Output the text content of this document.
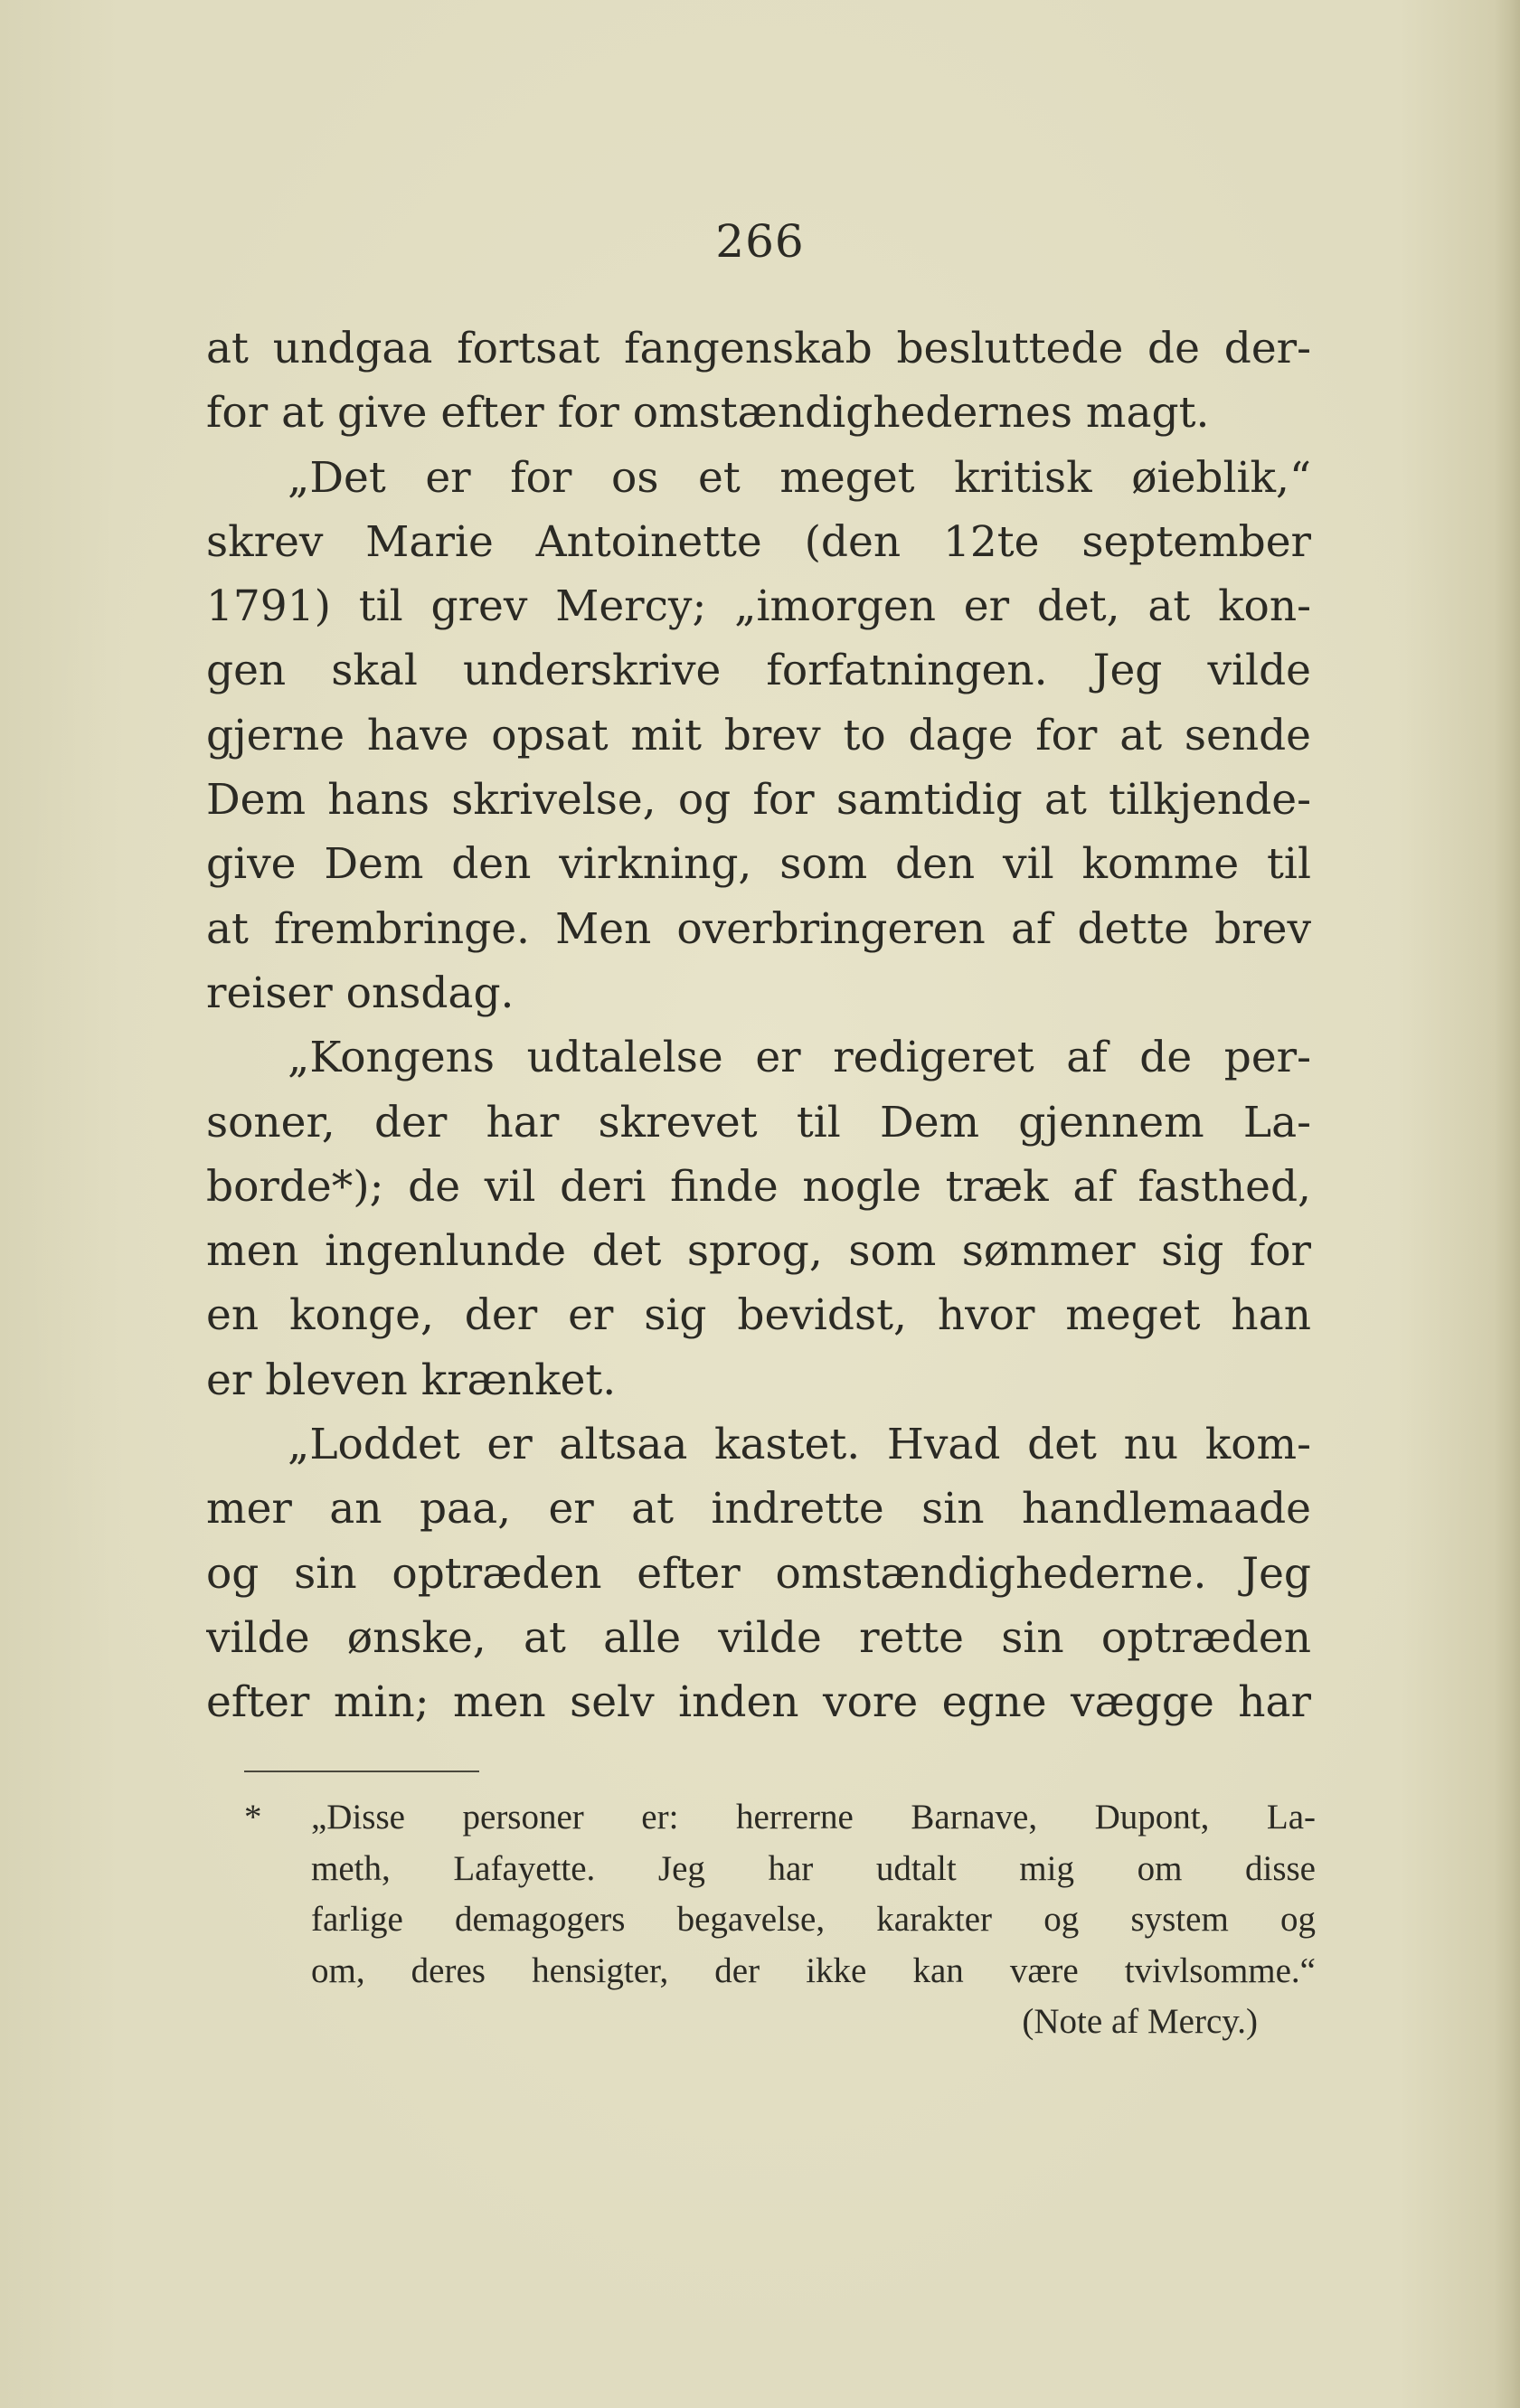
266
at undgaa fortsat fangenskab besluttede de der-
for at give efter for omstændighedernes magt.
„Det er for os et meget kritisk øieblik,“
skrev Marie Antoinette (den 12te september
1791) til grev Mercy; „imorgen er det, at kon-
gen skal underskrive forfatningen. Jeg vilde
gjerne have opsat mit brev to dage for at sende
Dem hans skrivelse, og for samtidig at tilkjende-
give Dem den virkning, som den vil komme til
at frembringe. Men overbringeren af dette brev
reiser onsdag.
„Kongens udtalelse er redigeret af de per-
soner, der har skrevet til Dem gjennem La-
borde*); de vil deri finde nogle træk af fasthed,
men ingenlunde det sprog, som sømmer sig for
en konge, der er sig bevidst, hvor meget han
er bleven krænket.
„Loddet er altsaa kastet. Hvad det nu kom-
mer an paa, er at indrette sin handlemaade
og sin optræden efter omstændighederne. Jeg
vilde ønske, at alle vilde rette sin optræden
efter min; men selv inden vore egne vægge har
* „Disse personer er: herrerne Barnave, Dupont, La-
meth, Lafayette. Jeg har udtalt mig om disse
farlige demagogers begavelse, karakter og system og
om, deres hensigter, der ikke kan være tvivlsomme.“
(Note af Mercy.)
